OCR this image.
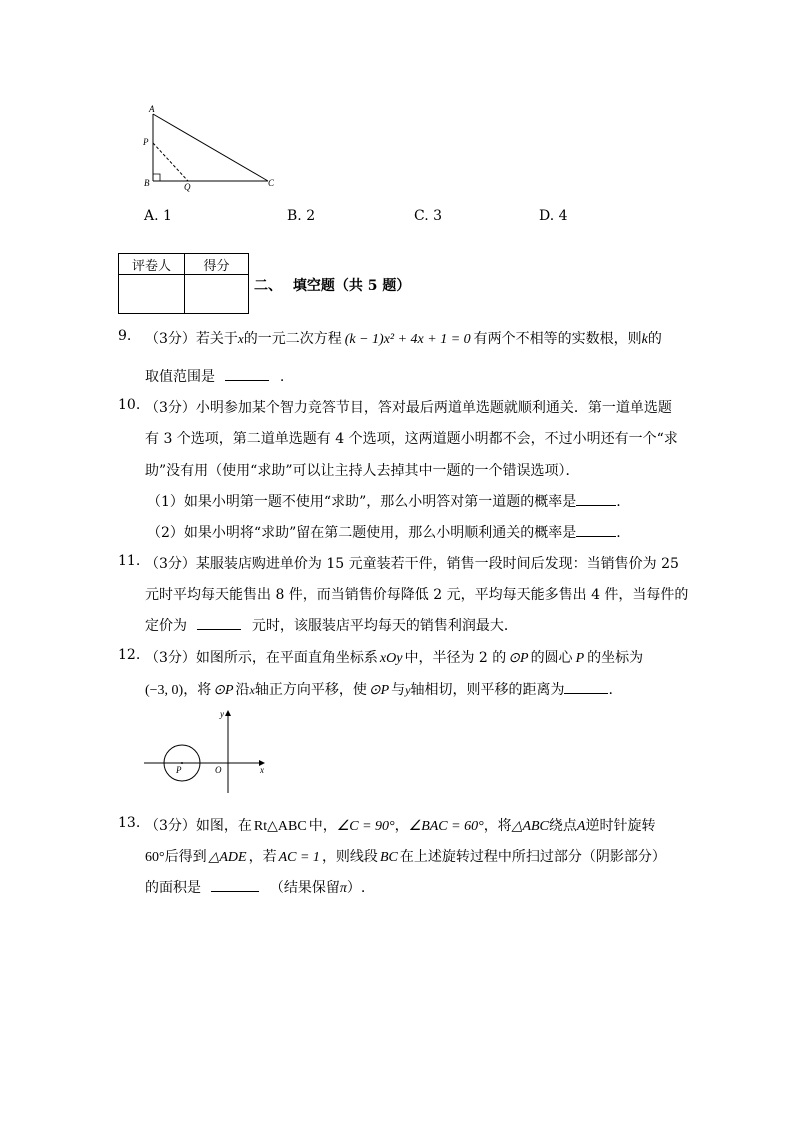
A
P
B	Q	C
A. 1	B. 2	C. 3	D. 4
评卷人	得分

二、 填空题（共 5 题）
9. （3分）若关于x的一元二次方程 (k − 1)x² + 4x + 1 = 0 有两个不相等的实数根，则k的
取值范围是	.
10. （3分）小明参加某个智力竞答节目，答对最后两道单选题就顺利通关．第一道单选题
有 3 个选项，第二道单选题有 4 个选项，这两道题小明都不会，不过小明还有一个“求
助”没有用（使用“求助”可以让主持人去掉其中一题的一个错误选项）．
（1）如果小明第一题不使用“求助”，那么小明答对第一道题的概率是	.
（2）如果小明将“求助”留在第二题使用，那么小明顺利通关的概率是	.
11. （3分）某服装店购进单价为 15 元童装若干件，销售一段时间后发现：当销售价为 25
元时平均每天能售出 8 件，而当销售价每降低 2 元，平均每天能多售出 4 件，当每件的
定价为	元时，该服装店平均每天的销售利润最大．
12. （3分）如图所示，在平面直角坐标系 xOy 中，半径为 2 的 ⊙P 的圆心 P 的坐标为
(−3, 0)，将 ⊙P 沿x轴正方向平移，使 ⊙P 与y轴相切，则平移的距离为	.
y
x
O
P
13. （3分）如图，在 Rt△ABC 中，∠C = 90°，∠BAC = 60°，将△ABC绕点A逆时针旋转
60°后得到 △ADE ，若 AC = 1 ，则线段 BC 在上述旋转过程中所扫过部分（阴影部分）
的面积是	（结果保留π）.
